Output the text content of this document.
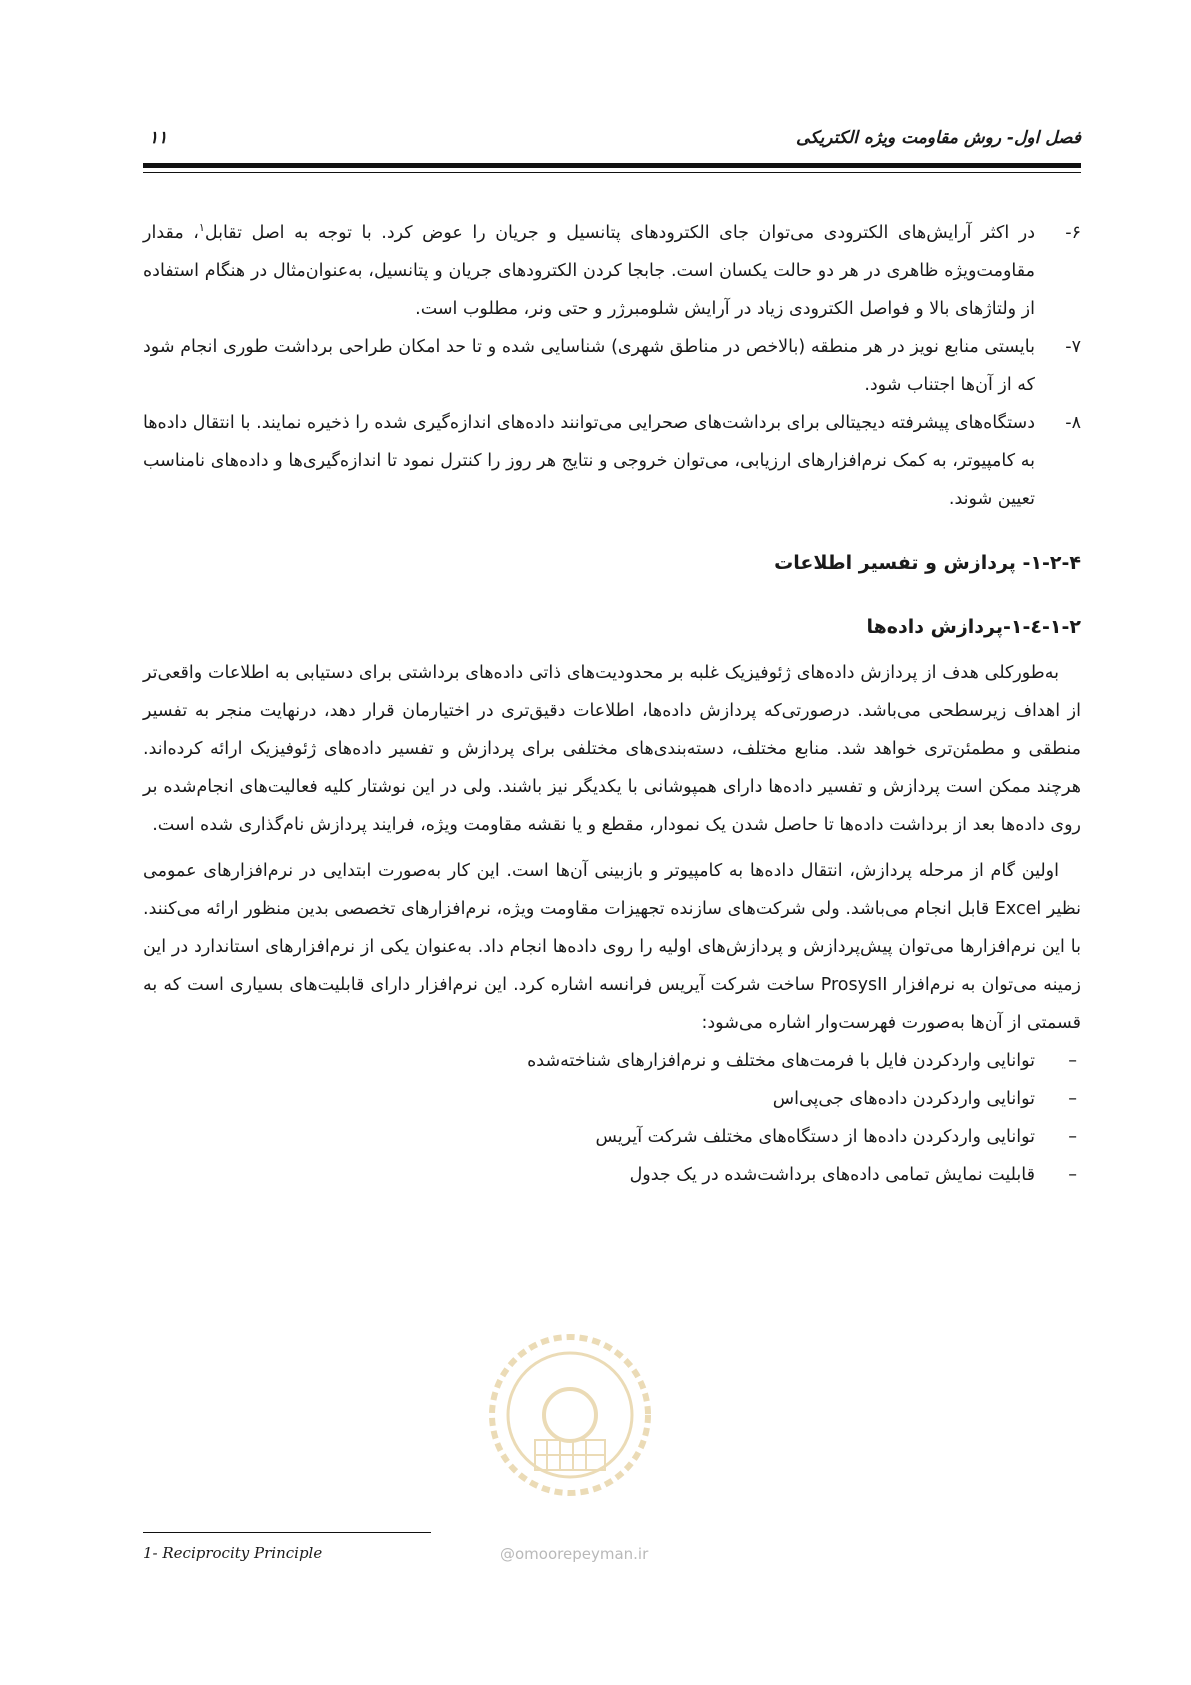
فصل اول- روش مقاومت ویژه الکتریکی
۱۱

۶-
در اکثر آرایش‌های الکترودی می‌توان جای الکترودهای پتانسیل و جریان را عوض کرد. با توجه به اصل تقابل$^۱$، مقدار مقاومت‌ویژه ظاهری در هر دو حالت یکسان است. جابجا کردن الکترودهای جریان و پتانسیل، به‌عنوان‌مثال در هنگام استفاده از ولتاژهای بالا و فواصل الکترودی زیاد در آرایش شلومبرژر و حتی ونر، مطلوب است.

۷-
بایستی منابع نویز در هر منطقه (بالاخص در مناطق شهری) شناسایی شده و تا حد امکان طراحی برداشت طوری انجام شود که از آن‌ها اجتناب شود.

۸-
دستگاه‌های پیشرفته دیجیتالی برای برداشت‌های صحرایی می‌توانند داده‌های اندازه‌گیری شده را ذخیره نمایند. با انتقال داده‌ها به کامپیوتر، به کمک نرم‌افزارهای ارزیابی، می‌توان خروجی و نتایج هر روز را کنترل نمود تا اندازه‌گیری‌ها و داده‌های نامناسب تعیین شوند.

۱-۲-۴- پردازش و تفسیر اطلاعات
۱-۲-٤-۱-پردازش داده‌ها

به‌طورکلی هدف از پردازش داده‌های ژئوفیزیک غلبه بر محدودیت‌های ذاتی داده‌های برداشتی برای دستیابی به اطلاعات واقعی‌تر از اهداف زیرسطحی می‌باشد. درصورتی‌که پردازش داده‌ها، اطلاعات دقیق‌تری در اختیارمان قرار دهد، درنهایت منجر به تفسیر منطقی و مطمئن‌تری خواهد شد. منابع مختلف، دسته‌بندی‌های مختلفی برای پردازش و تفسیر داده‌های ژئوفیزیک ارائه کرده‌اند. هرچند ممکن است پردازش و تفسیر داده‌ها دارای همپوشانی با یکدیگر نیز باشند. ولی در این نوشتار کلیه فعالیت‌های انجام‌شده بر روی داده‌ها بعد از برداشت داده‌ها تا حاصل شدن یک نمودار، مقطع و یا نقشه مقاومت ویژه، فرایند پردازش نام‌گذاری شده است.

اولین گام از مرحله پردازش، انتقال داده‌ها به کامپیوتر و بازبینی آن‌ها است. این کار به‌صورت ابتدایی در نرم‌افزارهای عمومی نظیر Excel قابل انجام می‌باشد. ولی شرکت‌های سازنده تجهیزات مقاومت ویژه، نرم‌افزارهای تخصصی بدین منظور ارائه می‌کنند. با این نرم‌افزارها می‌توان پیش‌پردازش و پردازش‌های اولیه را روی داده‌ها انجام داد. به‌عنوان یکی از نرم‌افزارهای استاندارد در این زمینه می‌توان به نرم‌افزار ProsysII ساخت شرکت آیریس فرانسه اشاره کرد. این نرم‌افزار دارای قابلیت‌های بسیاری است که به قسمتی از آن‌ها به‌صورت فهرست‌وار اشاره می‌شود:

–
توانایی واردکردن فایل با فرمت‌های مختلف و نرم‌افزارهای شناخته‌شده
–
توانایی واردکردن داده‌های جی‌پی‌اس
–
توانایی واردکردن داده‌ها از دستگاه‌های مختلف شرکت آیریس
–
قابلیت نمایش تمامی داده‌های برداشت‌شده در یک جدول
@omoorepeyman.ir
1- Reciprocity Principle
